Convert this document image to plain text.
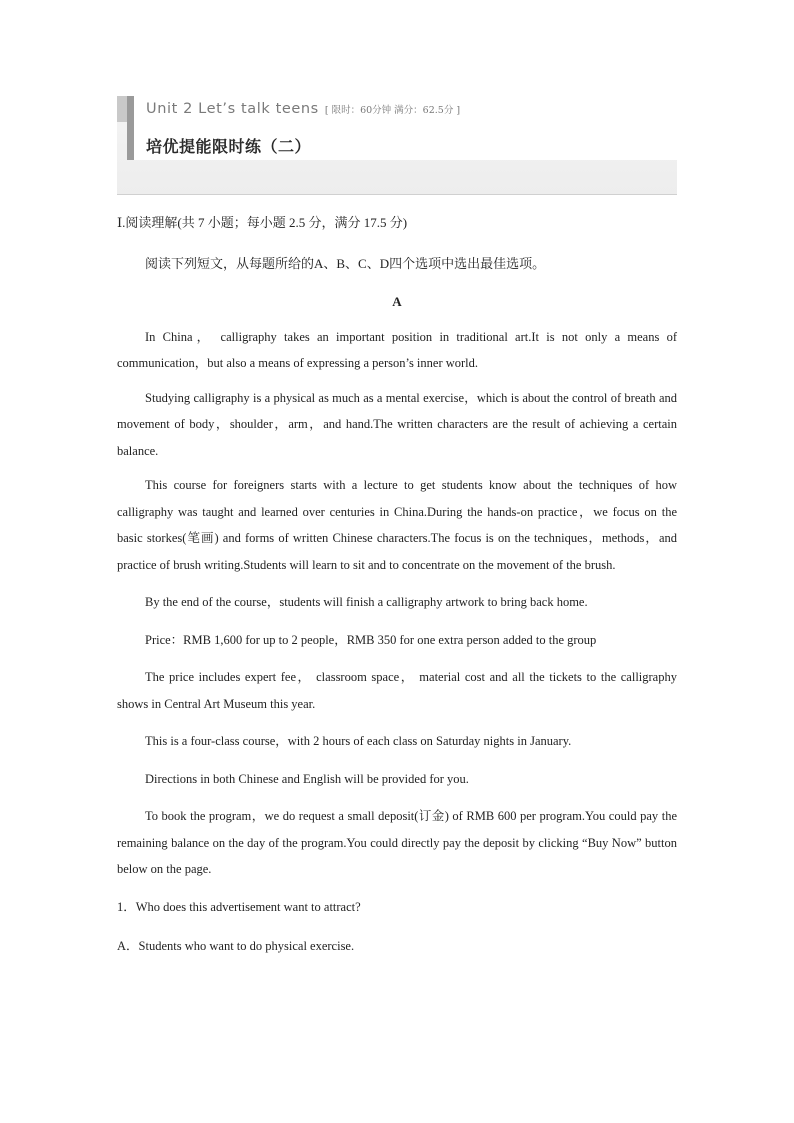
Unit 2 Let’s talk teens [ 限时：60分钟 满分：62.5分 ]
培优提能限时练（二）

Ⅰ.阅读理解(共 7 小题；每小题 2.5 分，满分 17.5 分)

阅读下列短文，从每题所给的A、B、C、D四个选项中选出最佳选项。

A

In China， calligraphy takes an important position in traditional art.It is not only a means of communication，but also a means of expressing a person’s inner world.

Studying calligraphy is a physical as much as a mental exercise，which is about the control of breath and movement of body，shoulder，arm，and hand.The written characters are the result of achieving a certain balance.

This course for foreigners starts with a lecture to get students know about the techniques of how calligraphy was taught and learned over centuries in China.During the hands-on practice，we focus on the basic storkes(笔画) and forms of written Chinese characters.The focus is on the techniques，methods，and practice of brush writing.Students will learn to sit and to concentrate on the movement of the brush.

By the end of the course，students will finish a calligraphy artwork to bring back home.

Price：RMB 1,600 for up to 2 people，RMB 350 for one extra person added to the group

The price includes expert fee， classroom space， material cost and all the tickets to the calligraphy shows in Central Art Museum this year.

This is a four-class course，with 2 hours of each class on Saturday nights in January.

Directions in both Chinese and English will be provided for you.

To book the program，we do request a small deposit(订金) of RMB 600 per program.You could pay the remaining balance on the day of the program.You could directly pay the deposit by clicking “Buy Now” button below on the page.

1．Who does this advertisement want to attract?

A．Students who want to do physical exercise.
